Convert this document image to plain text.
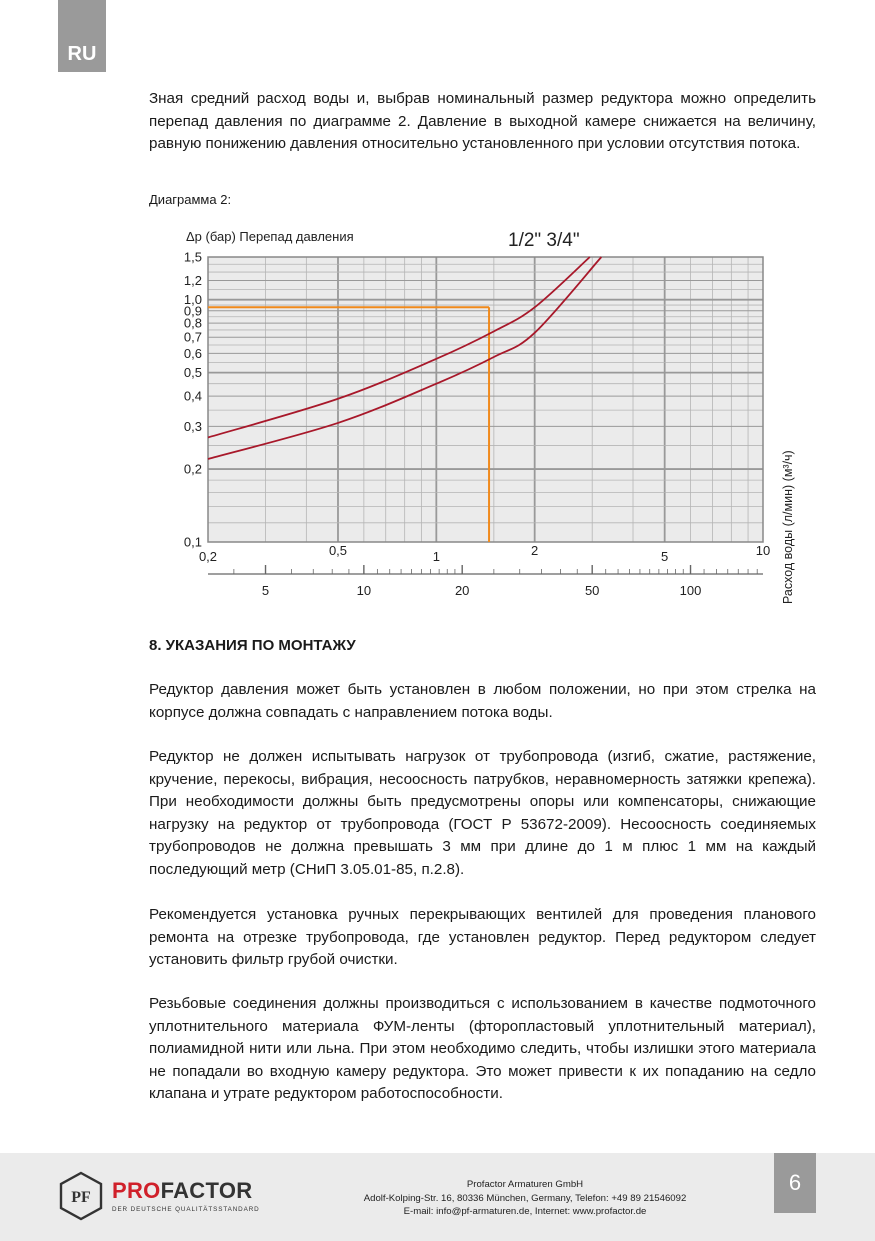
RU

Зная средний расход воды и, выбрав номинальный размер редуктора можно определить перепад давления по диаграмме 2. Давление в выходной камере снижается на величину, равную понижению давления относительно установленного при условии отсутствия потока.

Диаграмма 2:
1,5
1,2
1,0
0,9
0,8
0,7
0,6
0,5
0,4
0,3
0,2
0,1
Δp (бар) Перепад давления
0,2	0,5	1	2	5	10
5	10	20	50	100	Расход воды (л/мин) (м³/ч)
1/2" 3/4"
8. УКАЗАНИЯ ПО МОНТАЖУ

Редуктор давления может быть установлен в любом положении, но при этом стрелка на корпусе должна совпадать с направлением потока воды.

Редуктор не должен испытывать нагрузок от трубопровода (изгиб, сжатие, растяжение, кручение, перекосы, вибрация, несоосность патрубков, неравномерность затяжки крепежа). При необходимости должны быть предусмотрены опоры или компенсаторы, снижающие нагрузку на редуктор от трубопровода (ГОСТ Р 53672-2009). Несоосность соединяемых трубопроводов не должна превышать 3 мм при длине до 1 м плюс 1 мм на каждый последующий метр (СНиП 3.05.01-85, п.2.8).

Рекомендуется установка ручных перекрывающих вентилей для проведения планового ремонта на отрезке трубопровода, где установлен редуктор. Перед редуктором следует установить фильтр грубой очистки.

Резьбовые соединения должны производиться с использованием в качестве подмоточного уплотнительного материала ФУМ-ленты (фторопластовый уплотнительный материал), полиамидной нити или льна. При этом необходимо следить, чтобы излишки этого материала не попадали во входную камеру редуктора. Это может привести к их попаданию на седло клапана и утрате редуктором работоспособности.

PF PROFACTOR
DER DEUTSCHE QUALITÄTSSTANDARD
Profactor Armaturen GmbH
Adolf-Kolping-Str. 16, 80336 München, Germany, Telefon: +49 89 21546092
E-mail: info@pf-armaturen.de, Internet: www.profactor.de
6
